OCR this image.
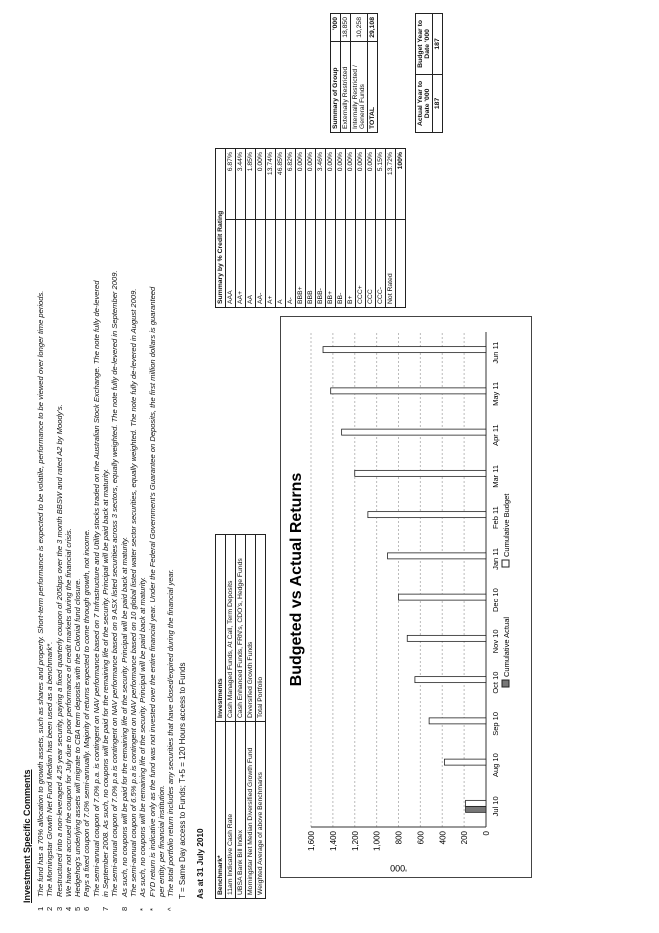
Investment Specific Comments
1
The fund has a 70% allocation to growth assets, such as shares and property. Short-term performance is expected to be volatile, performance to be viewed over longer time periods.
2
The Morningstar Growth Net Fund Median has been used as a benchmark*.
3
Restructured into a non-leveraged 4.25 year security, paying a fixed quarterly coupon of 205bps over the 3 month BBSW and rated A2 by Moody's.
4
We have not accrued the coupon for July due to poor performance of credit markets during the financial crisis.
5
Hedgehog's underlying assets will migrate to CBA term deposits with the Colonial fund closure.
6
Pays a fixed coupon of 7.0% semi-annually. Majority of returns expected to come through growth, not income. The semi-annual coupon of 7.0% p.a. is contingent on NAV performance based on 7 Infrastructure and Utility stocks traded on the Australian Stock Exchange. The note fully de-levered
7
in September 2008. As such, no coupons will be paid for the remaining life of the security. Principal will be paid back at maturity. The semi-annual coupon of 7.0% p.a is contingent on NAV performance based on 9 ASX listed securities across 3 sectors, equally weighted. The note fully de-levered in September 2009.
8
As such, no coupons will be paid for the remaining life of the security. Principal will be paid back at maturity. The semi-annual coupon of 6.5% p.a is contingent on NAV performance based on 10 global listed water sector securities, equally weighted. The note fully de-levered in August 2009.
*
As such, no coupons will be remaining life of the security. Principal will be paid back at maturity.
*
FYD return is indicative only as the fund was not invested over the entire financial year. Under the Federal Government's Guarantee on Deposits, the first million dollars is guaranteed per entity, per financial institution.
^
The total portfolio return includes any securities that have closed/expired during the financial year. T = Same Day access to Funds; T+5 = 120 Hours access to Funds As at 31 July 2010 Benchmark*	Investments
11am Indicative Cash Rate	Cash Managed Funds, At Call, Term Deposits
UBSA Bank Bill Index	Cash Enhanced Funds, FRN's, CDO's, Hedge Funds
Morningstar Net Median Diversified Growth Fund	Diversified Growth Funds
Weighted Average of above Benchmarks	Total Portfolio
Budgeted vs Actual Returns
'000
0
200
400
600
800
1,000
1,200
1,400
1,600
Jul 10
Aug 10
Sep 10
Oct 10
Nov 10
Dec 10
Jan 11
Feb 11
Mar 11
Apr 11
May 11
Jun 11
Cumulative Actual
Cumulative Budget
Summary by % Credit Rating	
AAA	6.87%
AA+	3.44%
AA	1.85%
AA-	0.00%
A+	13.74%
A	46.85%
A-	6.82%
BBB+	0.00%
BBB	0.00%
BBB-	3.46%
BB+	0.00%
BB-	0.00%
B+	0.00%
CCC+	0.00%
CCC	0.00%
CCC-	5.15%
Not Rated	13.72%
	100%
Summary of Group	'000
Externally Restricted	18,850
Internally Restricted / General Funds	10,258
TOTAL	29,108
Actual Year to Date '000	Budget Year to Date '000
187	187
